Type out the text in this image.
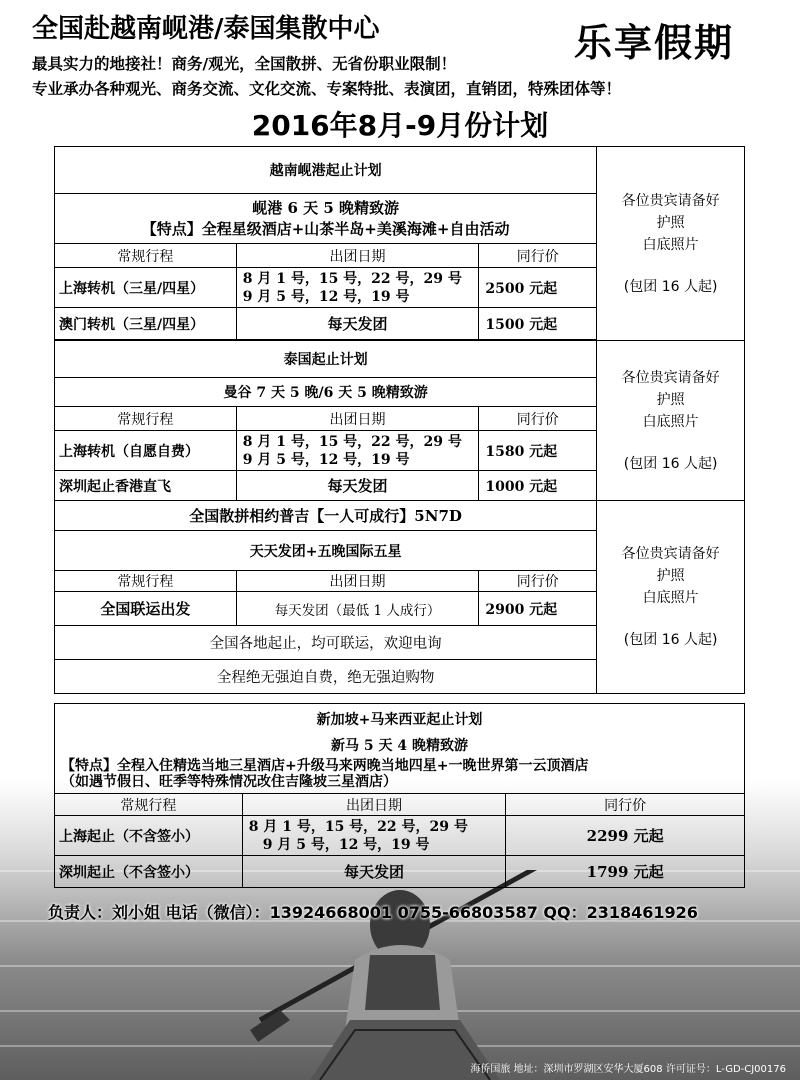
全国赴越南岘港/泰国集散中心	乐享假期
最具实力的地接社！商务/观光，全国散拼、无省份职业限制！
专业承办各种观光、商务交流、文化交流、专案特批、表演团，直销团，特殊团体等！
2016年8月-9月份计划
越南岘港起止计划			各位贵宾请备好
护照
白底照片
(包团 16 人起)

岘港 6 天 5 晚精致游
【特点】全程星级酒店+山茶半岛+美溪海滩+自由活动			

常规行程	出团日期	同行价	
上海转机（三星/四星）	8 月 1 号，15 号，22 号，29 号
9 月 5 号，12 号，19 号	2500 元起	
澳门转机（三星/四星）	每天发团	1500 元起	

泰国起止计划			各位贵宾请备好
护照
白底照片
(包团 16 人起)

曼谷 7 天 5 晚/6 天 5 晚精致游			
常规行程	出团日期	同行价	
上海转机（自愿自费）	8 月 1 号，15 号，22 号，29 号
9 月 5 号，12 号，19 号	1580 元起	
深圳起止香港直飞	每天发团	1000 元起	
全国散拼相约普吉【一人可成行】5N7D			各位贵宾请备好
护照
白底照片
(包团 16 人起)

天天发团+五晚国际五星			
常规行程	出团日期	同行价	
全国联运出发	每天发团（最低 1 人成行）	2900 元起	
全国各地起止，均可联运，欢迎电询			
全程绝无强迫自费，绝无强迫购物			
新加坡+马来西亚起止计划		
新马 5 天 4 晚精致游		

【特点】全程入住精选当地三星酒店+升级马来两晚当地四星+一晚世界第一云顶酒店
（如遇节假日、旺季等特殊情况改住吉隆坡三星酒店）		

常规行程	出团日期	同行价
上海起止（不含签小）	8 月 1 号，15 号，22 号，29 号
9 月 5 号，12 号，19 号	2299 元起
深圳起止（不含签小）	每天发团	1799 元起
负责人：刘小姐 电话（微信）：13924668001 0755-66803587 QQ：2318461926
海侨国旅 地址：深圳市罗湖区安华大厦608 许可证号：L-GD-CJ00176
